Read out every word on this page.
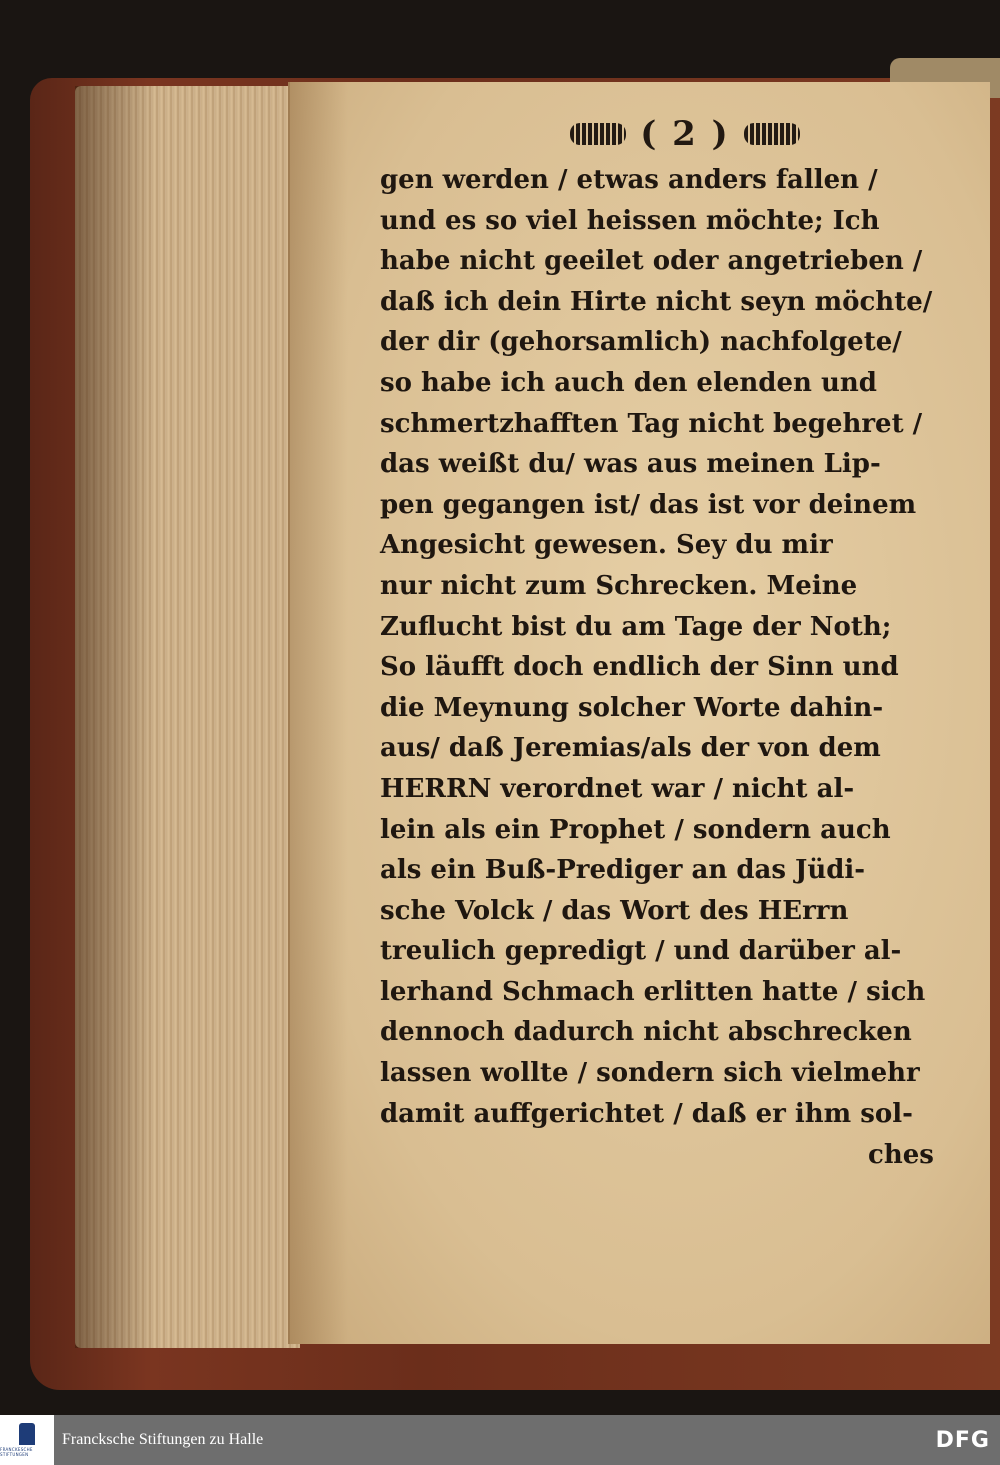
( 2 )
gen werden / etwas anders fallen /
und es so viel heissen möchte; Ich
habe nicht geeilet oder angetrieben /
daß ich dein Hirte nicht seyn möchte/
der dir (gehorsamlich) nachfolgete/
so habe ich auch den elenden und
schmertzhafften Tag nicht begehret /
das weißt du/ was aus meinen Lip-
pen gegangen ist/ das ist vor deinem
Angesicht gewesen. Sey du mir
nur nicht zum Schrecken. Meine
Zuflucht bist du am Tage der Noth;
So läufft doch endlich der Sinn und
die Meynung solcher Worte dahin-
aus/ daß Jeremias/als der von dem
HERRN verordnet war / nicht al-
lein als ein Prophet / sondern auch
als ein Buß-Prediger an das Jüdi-
sche Volck / das Wort des HErrn
treulich gepredigt / und darüber al-
lerhand Schmach erlitten hatte / sich
dennoch dadurch nicht abschrecken
lassen wollte / sondern sich vielmehr
damit auffgerichtet / daß er ihm sol-
ches
FRANCKESCHE STIFTUNGEN
Francksche Stiftungen zu Halle	DFG
